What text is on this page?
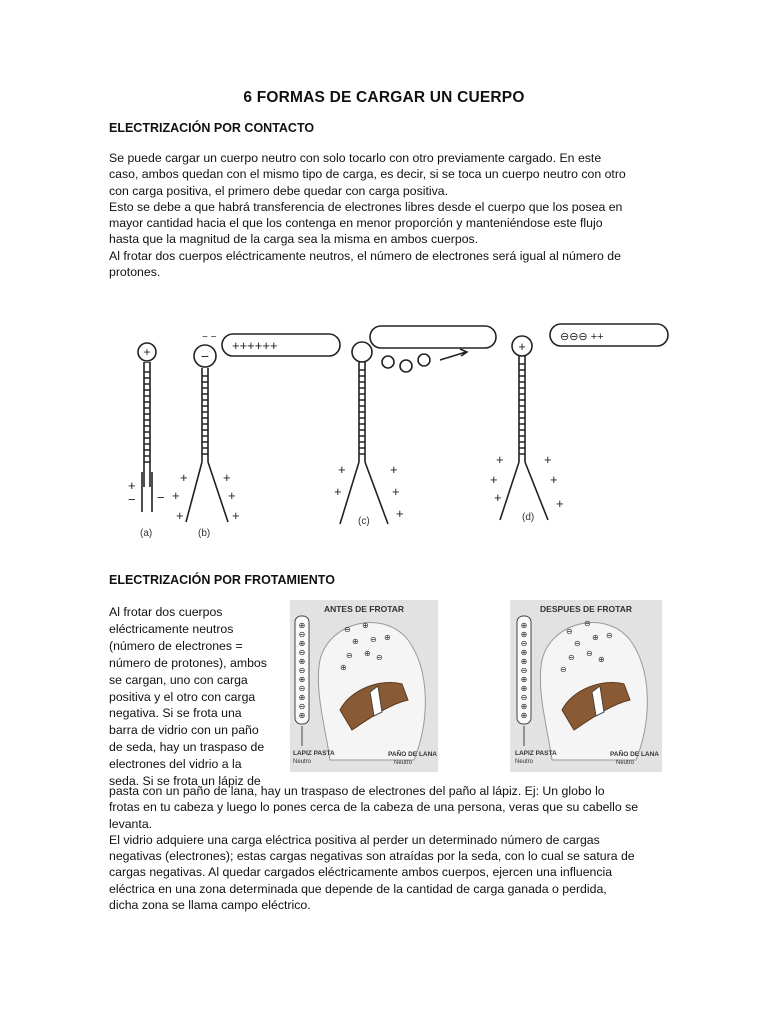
6 FORMAS DE CARGAR UN CUERPO

ELECTRIZACIÓN POR CONTACTO

Se puede cargar un cuerpo neutro con solo tocarlo con otro previamente cargado. En este
caso, ambos quedan con el mismo tipo de carga, es decir, si se toca un cuerpo neutro con otro
con carga positiva, el primero debe quedar con carga positiva.
Esto se debe a que habrá transferencia de electrones libres desde el cuerpo que los posea en
mayor cantidad hacia el que los contenga en menor proporción y manteniéndose este flujo
hasta que la magnitud de la carga sea la misma en ambos cuerpos.
Al frotar dos cuerpos eléctricamente neutros, el número de electrones será igual al número de
protones.

+
−
+
− −
−
− −
+
+
+
+
+
+
++++++
+
+
+
+
+
+
⊖⊖⊖ ++
+
+
+
+
+
+
(a)	(b)
(c)	(d)

ELECTRIZACIÓN POR FROTAMIENTO

Al frotar dos cuerpos
eléctricamente neutros
(número de electrones =
número de protones), ambos
se cargan, uno con carga
positiva y el otro con carga
negativa. Si se frota una
barra de vidrio con un paño
de seda, hay un traspaso de
electrones del vidrio a la
seda. Si se frota un lápiz de

ANTES DE FROTAR
⊕
⊖
⊕
⊖
⊕
⊖
⊕
⊖
⊕
⊖
⊕
⊖ ⊕
⊕ ⊖ ⊕
⊖ ⊕ ⊖
⊕
LAPIZ PASTA
Neutro
PAÑO DE LANA
Neutro
DESPUES DE FROTAR
⊕
⊕
⊖
⊕
⊕
⊖
⊕
⊕
⊖
⊕
⊕
⊖
⊖
⊖
⊕ ⊖
⊖ ⊖
⊕
⊖
LAPIZ PASTA
Neutro
PAÑO DE LANA
Neutro

pasta con un paño de lana, hay un traspaso de electrones del paño al lápiz. Ej: Un globo lo
frotas en tu cabeza y luego lo pones cerca de la cabeza de una persona, veras que su cabello se
levanta.
El vidrio adquiere una carga eléctrica positiva al perder un determinado número de cargas
negativas (electrones); estas cargas negativas son atraídas por la seda, con lo cual se satura de
cargas negativas. Al quedar cargados eléctricamente ambos cuerpos, ejercen una influencia
eléctrica en una zona determinada que depende de la cantidad de carga ganada o perdida,
dicha zona se llama campo eléctrico.
